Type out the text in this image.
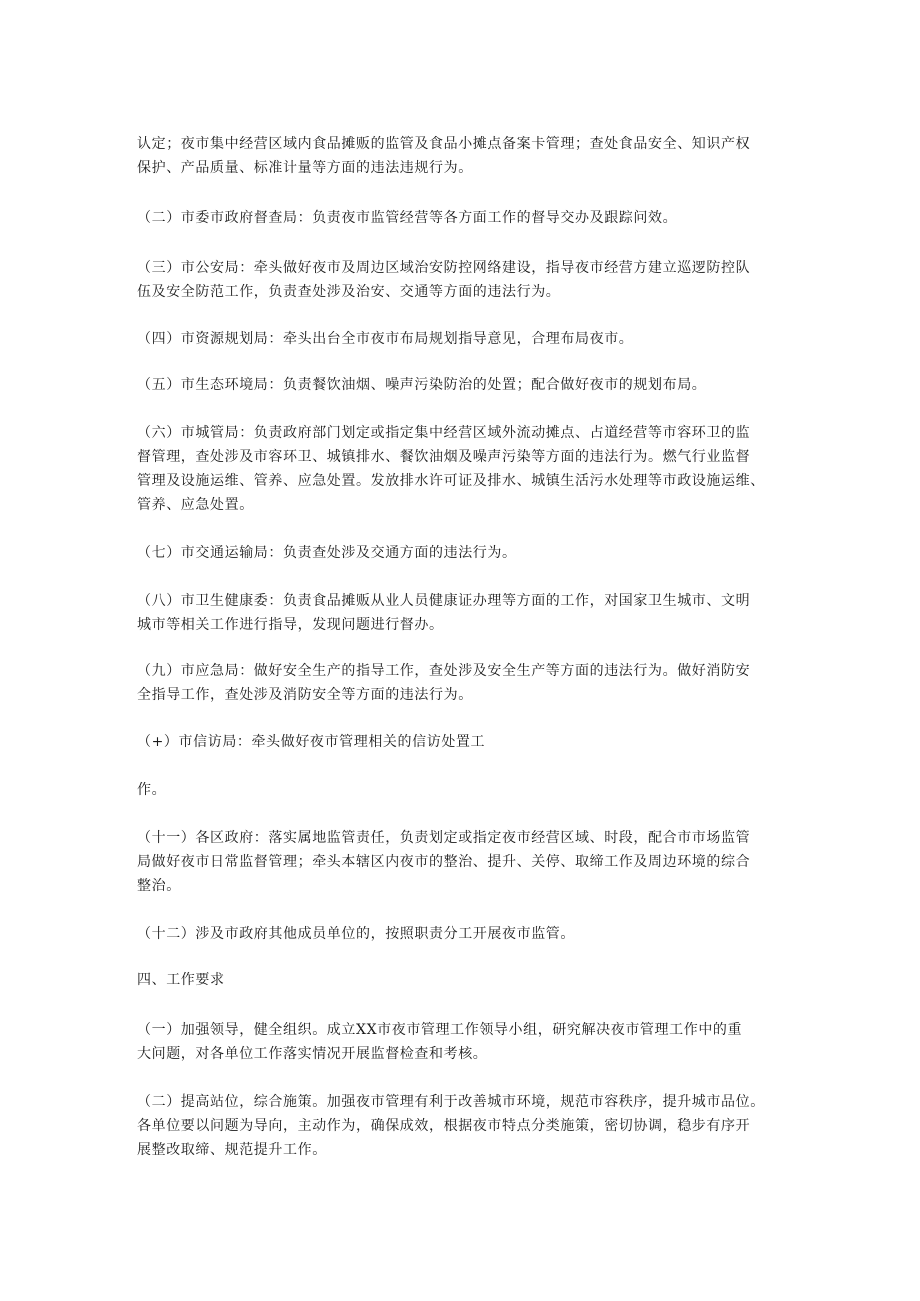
认定；夜市集中经营区域内食品摊贩的监管及食品小摊点备案卡管理；查处食品安全、知识产权
保护、产品质量、标准计量等方面的违法违规行为。

（二）市委市政府督查局：负责夜市监管经营等各方面工作的督导交办及跟踪问效。

（三）市公安局：牵头做好夜市及周边区域治安防控网络建设，指导夜市经营方建立巡逻防控队
伍及安全防范工作，负责查处涉及治安、交通等方面的违法行为。

（四）市资源规划局：牵头出台全市夜市布局规划指导意见，合理布局夜市。

（五）市生态环境局：负责餐饮油烟、噪声污染防治的处置；配合做好夜市的规划布局。

（六）市城管局：负责政府部门划定或指定集中经营区域外流动摊点、占道经营等市容环卫的监
督管理，查处涉及市容环卫、城镇排水、餐饮油烟及噪声污染等方面的违法行为。燃气行业监督
管理及设施运维、管养、应急处置。发放排水许可证及排水、城镇生活污水处理等市政设施运维、
管养、应急处置。

（七）市交通运输局：负责查处涉及交通方面的违法行为。

（八）市卫生健康委：负责食品摊贩从业人员健康证办理等方面的工作，对国家卫生城市、文明
城市等相关工作进行指导，发现问题进行督办。

（九）市应急局：做好安全生产的指导工作，查处涉及安全生产等方面的违法行为。做好消防安
全指导工作，查处涉及消防安全等方面的违法行为。

（+）市信访局：牵头做好夜市管理相关的信访处置工

作。

（十一）各区政府：落实属地监管责任，负责划定或指定夜市经营区域、时段，配合市市场监管
局做好夜市日常监督管理；牵头本辖区内夜市的整治、提升、关停、取缔工作及周边环境的综合
整治。

（十二）涉及市政府其他成员单位的，按照职责分工开展夜市监管。

四、工作要求

（一）加强领导，健全组织。成立XX市夜市管理工作领导小组，研究解决夜市管理工作中的重
大问题，对各单位工作落实情况开展监督检查和考核。

（二）提高站位，综合施策。加强夜市管理有利于改善城市环境，规范市容秩序，提升城市品位。
各单位要以问题为导向，主动作为，确保成效，根据夜市特点分类施策，密切协调，稳步有序开
展整改取缔、规范提升工作。
